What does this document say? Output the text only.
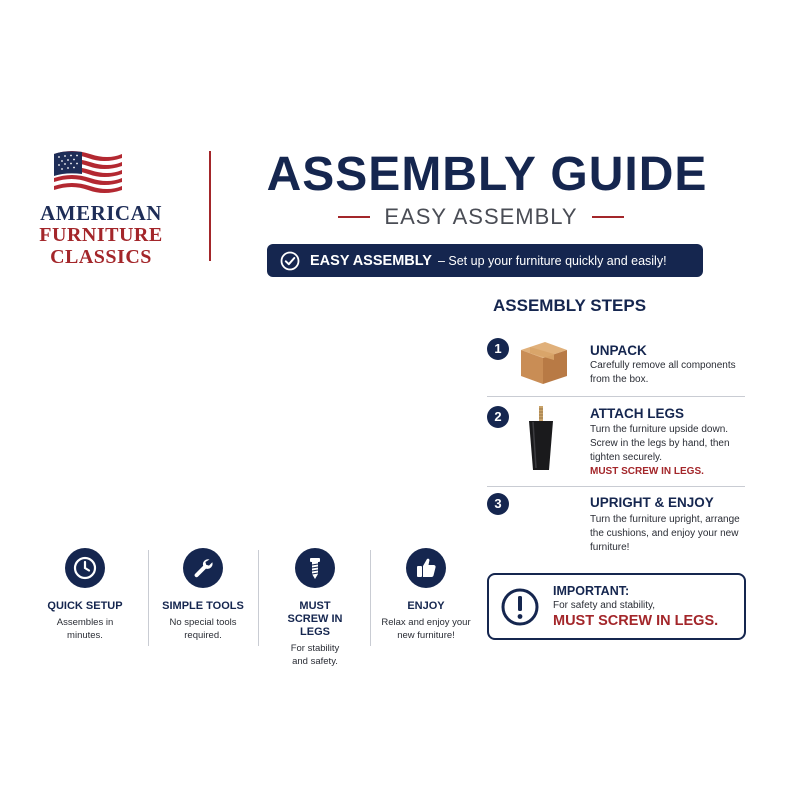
AMERICAN
FURNITURE
CLASSICS
ASSEMBLY GUIDE
EASY ASSEMBLY
EASY ASSEMBLY – Set up your furniture quickly and easily!
ASSEMBLY STEPS
1	UNPACK
Carefully remove all components from the box.
2	ATTACH LEGS
Turn the furniture upside down. Screw in the legs by hand, then tighten securely.
MUST SCREW IN LEGS.
3	UPRIGHT & ENJOY
Turn the furniture upright, arrange the cushions, and enjoy your new furniture!
QUICK SETUP
Assembles in minutes.
SIMPLE TOOLS
No special tools required.
MUST SCREW IN LEGS
For stability and safety.
ENJOY
Relax and enjoy your new furniture!
IMPORTANT:
For safety and stability,
MUST SCREW IN LEGS.
